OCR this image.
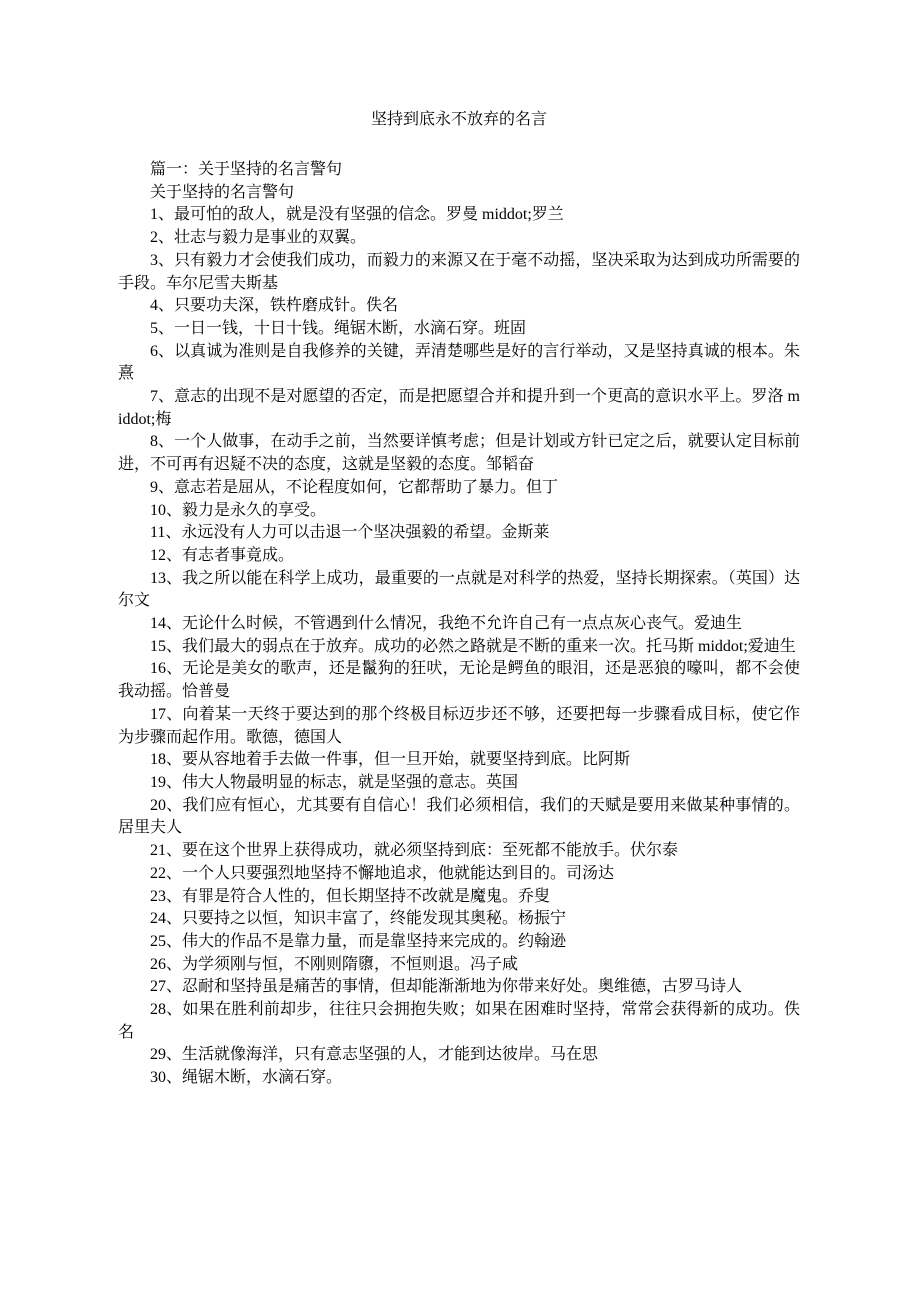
坚持到底永不放弃的名言

篇一：关于坚持的名言警句

关于坚持的名言警句

1、最可怕的敌人，就是没有坚强的信念。罗曼 middot;罗兰

2、壮志与毅力是事业的双翼。

3、只有毅力才会使我们成功，而毅力的来源又在于毫不动摇，坚决采取为达到成功所需要的手段。车尔尼雪夫斯基

4、只要功夫深，铁杵磨成针。佚名

5、一日一钱，十日十钱。绳锯木断，水滴石穿。班固

6、以真诚为准则是自我修养的关键，弄清楚哪些是好的言行举动，又是坚持真诚的根本。朱熹

7、意志的出现不是对愿望的否定，而是把愿望合并和提升到一个更高的意识水平上。罗洛 middot;梅

8、一个人做事，在动手之前，当然要详慎考虑；但是计划或方针已定之后，就要认定目标前进，不可再有迟疑不决的态度，这就是坚毅的态度。邹韬奋

9、意志若是屈从，不论程度如何，它都帮助了暴力。但丁

10、毅力是永久的享受。

11、永远没有人力可以击退一个坚决强毅的希望。金斯莱

12、有志者事竟成。

13、我之所以能在科学上成功，最重要的一点就是对科学的热爱，坚持长期探索。（英国）达尔文

14、无论什么时候，不管遇到什么情况，我绝不允许自己有一点点灰心丧气。爱迪生

15、我们最大的弱点在于放弃。成功的必然之路就是不断的重来一次。托马斯 middot;爱迪生

16、无论是美女的歌声，还是鬣狗的狂吠，无论是鳄鱼的眼泪，还是恶狼的嚎叫，都不会使我动摇。恰普曼

17、向着某一天终于要达到的那个终极目标迈步还不够，还要把每一步骤看成目标，使它作为步骤而起作用。歌德，德国人

18、要从容地着手去做一件事，但一旦开始，就要坚持到底。比阿斯

19、伟大人物最明显的标志，就是坚强的意志。英国

20、我们应有恒心，尤其要有自信心！我们必须相信，我们的天赋是要用来做某种事情的。居里夫人

21、要在这个世界上获得成功，就必须坚持到底：至死都不能放手。伏尔泰

22、一个人只要强烈地坚持不懈地追求，他就能达到目的。司汤达

23、有罪是符合人性的，但长期坚持不改就是魔鬼。乔叟

24、只要持之以恒，知识丰富了，终能发现其奥秘。杨振宁

25、伟大的作品不是靠力量，而是靠坚持来完成的。约翰逊

26、为学须刚与恒，不刚则隋隳，不恒则退。冯子咸

27、忍耐和坚持虽是痛苦的事情，但却能渐渐地为你带来好处。奥维德，古罗马诗人

28、如果在胜利前却步，往往只会拥抱失败；如果在困难时坚持，常常会获得新的成功。佚名

29、生活就像海洋，只有意志坚强的人，才能到达彼岸。马在思

30、绳锯木断，水滴石穿。
